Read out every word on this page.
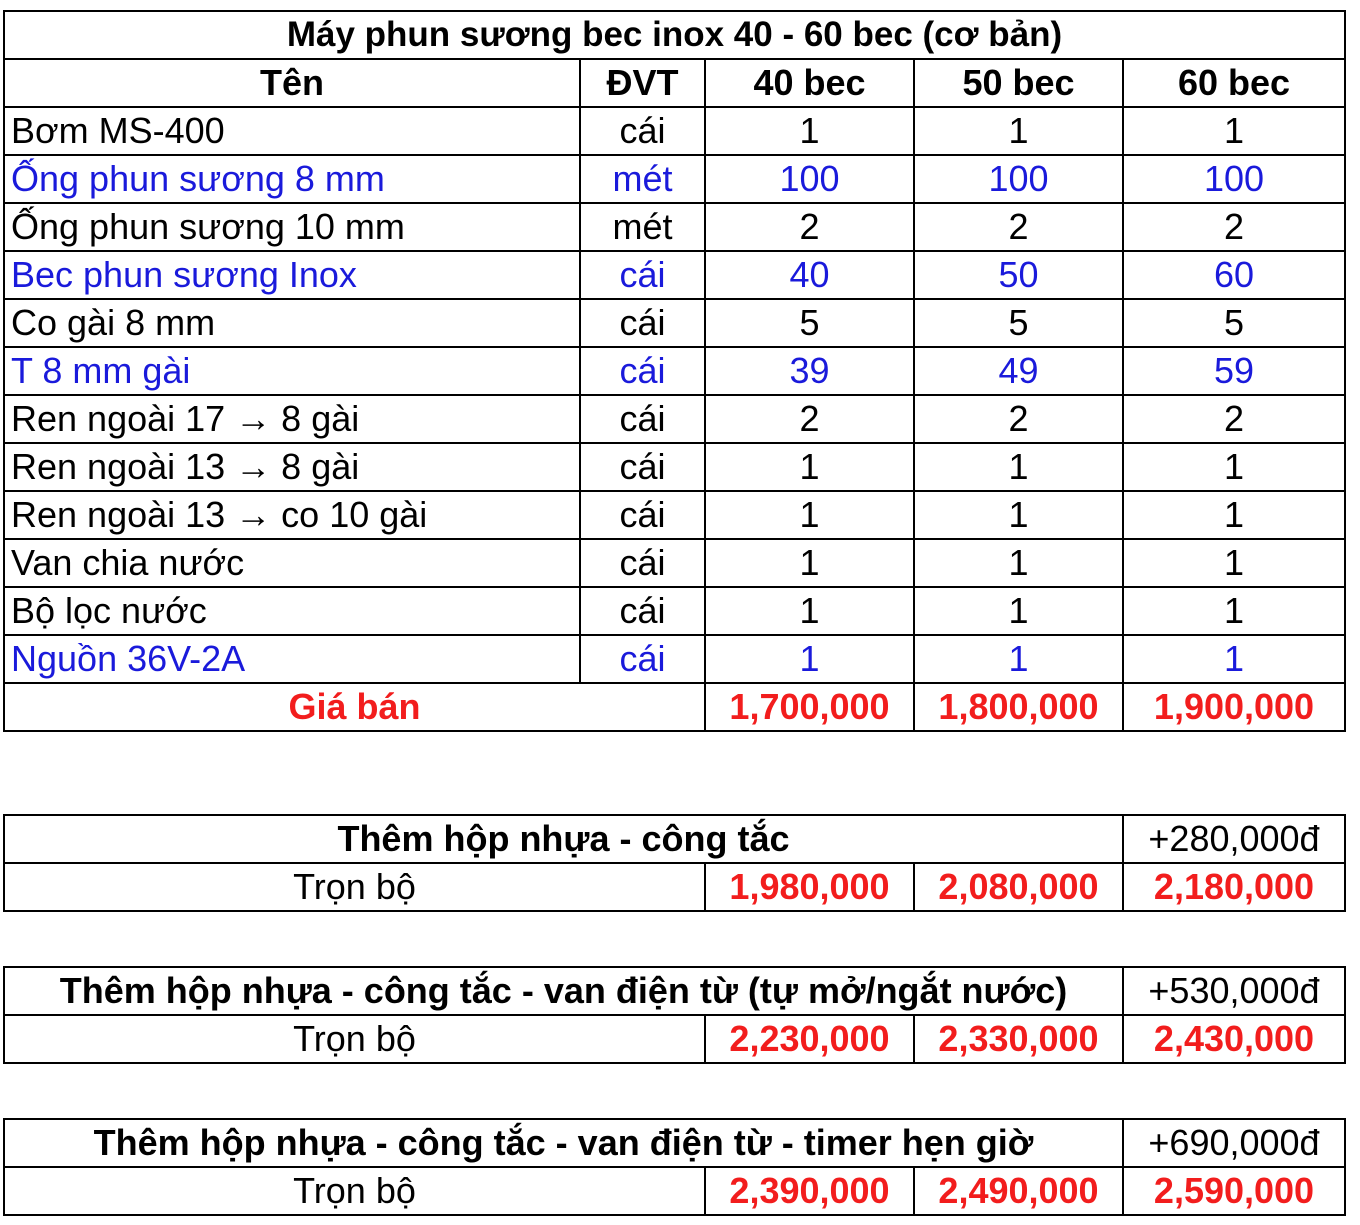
Máy phun sương bec inox 40 - 60 bec (cơ bản)				
Tên	ĐVT	40 bec	50 bec	60 bec
Bơm MS-400	cái	1	1	1
Ống phun sương 8 mm	mét	100	100	100
Ống phun sương 10 mm	mét	2	2	2
Bec phun sương Inox	cái	40	50	60
Co gài 8 mm	cái	5	5	5
T 8 mm gài	cái	39	49	59
Ren ngoài 17 → 8 gài	cái	2	2	2
Ren ngoài 13 → 8 gài	cái	1	1	1
Ren ngoài 13 → co 10 gài	cái	1	1	1
Van chia nước	cái	1	1	1
Bộ lọc nước	cái	1	1	1
Nguồn 36V-2A	cái	1	1	1
Giá bán		1,700,000	1,800,000	1,900,000
Thêm hộp nhựa - công tắc			+280,000đ
Trọn bộ	1,980,000	2,080,000	2,180,000
Thêm hộp nhựa - công tắc - van điện từ (tự mở/ngắt nước)			+530,000đ
Trọn bộ	2,230,000	2,330,000	2,430,000
Thêm hộp nhựa - công tắc - van điện từ - timer hẹn giờ			+690,000đ
Trọn bộ	2,390,000	2,490,000	2,590,000
